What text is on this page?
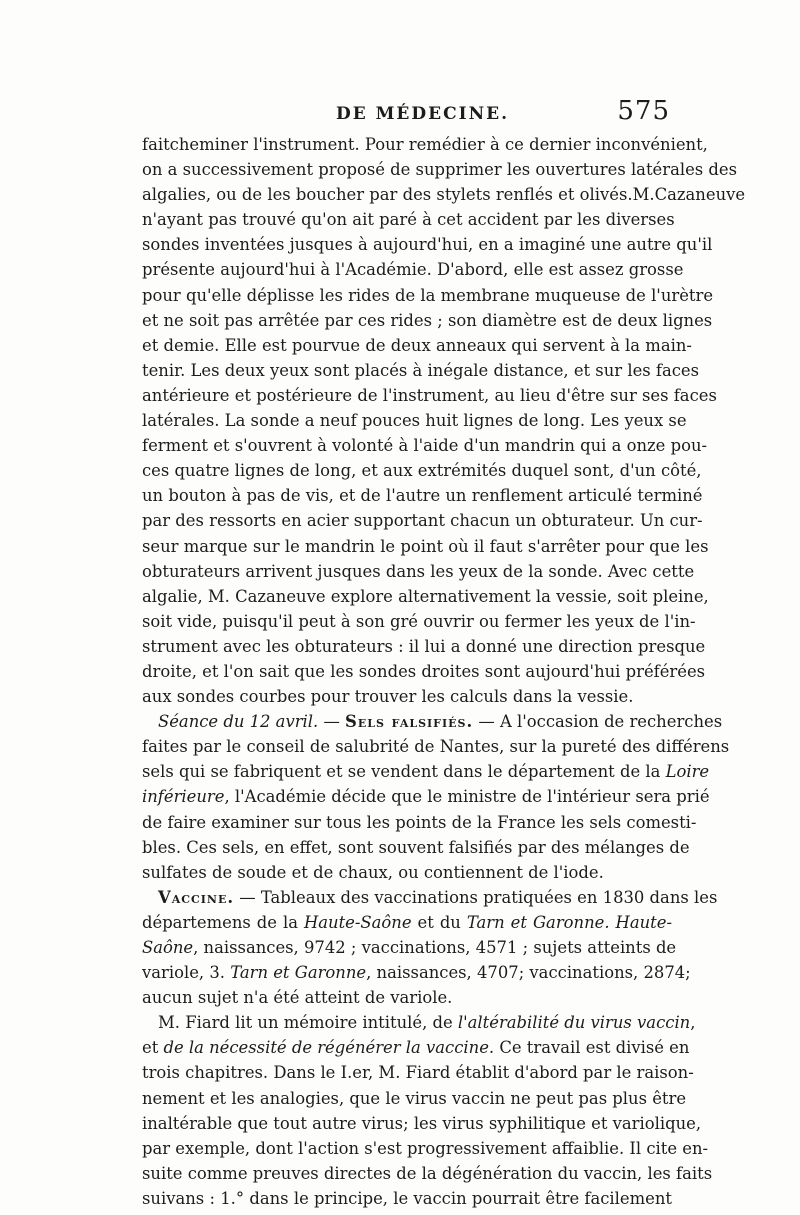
DE MÉDECINE.	575
faitcheminer l'instrument. Pour remédier à ce dernier inconvénient,
on a successivement proposé de supprimer les ouvertures latérales des
algalies, ou de les boucher par des stylets renflés et olivés.M.Cazaneuve
n'ayant pas trouvé qu'on ait paré à cet accident par les diverses
sondes inventées jusques à aujourd'hui, en a imaginé une autre qu'il
présente aujourd'hui à l'Académie. D'abord, elle est assez grosse
pour qu'elle déplisse les rides de la membrane muqueuse de l'urètre
et ne soit pas arrêtée par ces rides ; son diamètre est de deux lignes
et demie. Elle est pourvue de deux anneaux qui servent à la main-
tenir. Les deux yeux sont placés à inégale distance, et sur les faces
antérieure et postérieure de l'instrument, au lieu d'être sur ses faces
latérales. La sonde a neuf pouces huit lignes de long. Les yeux se
ferment et s'ouvrent à volonté à l'aide d'un mandrin qui a onze pou-
ces quatre lignes de long, et aux extrémités duquel sont, d'un côté,
un bouton à pas de vis, et de l'autre un renflement articulé terminé
par des ressorts en acier supportant chacun un obturateur. Un cur-
seur marque sur le mandrin le point où il faut s'arrêter pour que les
obturateurs arrivent jusques dans les yeux de la sonde. Avec cette
algalie, M. Cazaneuve explore alternativement la vessie, soit pleine,
soit vide, puisqu'il peut à son gré ouvrir ou fermer les yeux de l'in-
strument avec les obturateurs : il lui a donné une direction presque
droite, et l'on sait que les sondes droites sont aujourd'hui préférées
aux sondes courbes pour trouver les calculs dans la vessie.
Séance du 12 avril. — Sels falsifiés. — A l'occasion de recherches
faites par le conseil de salubrité de Nantes, sur la pureté des différens
sels qui se fabriquent et se vendent dans le département de la Loire
inférieure, l'Académie décide que le ministre de l'intérieur sera prié
de faire examiner sur tous les points de la France les sels comesti-
bles. Ces sels, en effet, sont souvent falsifiés par des mélanges de
sulfates de soude et de chaux, ou contiennent de l'iode.
Vaccine. — Tableaux des vaccinations pratiquées en 1830 dans les
départemens de la Haute-Saône et du Tarn et Garonne. Haute-
Saône, naissances, 9742 ; vaccinations, 4571 ; sujets atteints de
variole, 3. Tarn et Garonne, naissances, 4707; vaccinations, 2874;
aucun sujet n'a été atteint de variole.
M. Fiard lit un mémoire intitulé, de l'altérabilité du virus vaccin,
et de la nécessité de régénérer la vaccine. Ce travail est divisé en
trois chapitres. Dans le I.er, M. Fiard établit d'abord par le raison-
nement et les analogies, que le virus vaccin ne peut pas plus être
inaltérable que tout autre virus; les virus syphilitique et variolique,
par exemple, dont l'action s'est progressivement affaiblie. Il cite en-
suite comme preuves directes de la dégénération du vaccin, les faits
suivans : 1.° dans le principe, le vaccin pourrait être facilement
